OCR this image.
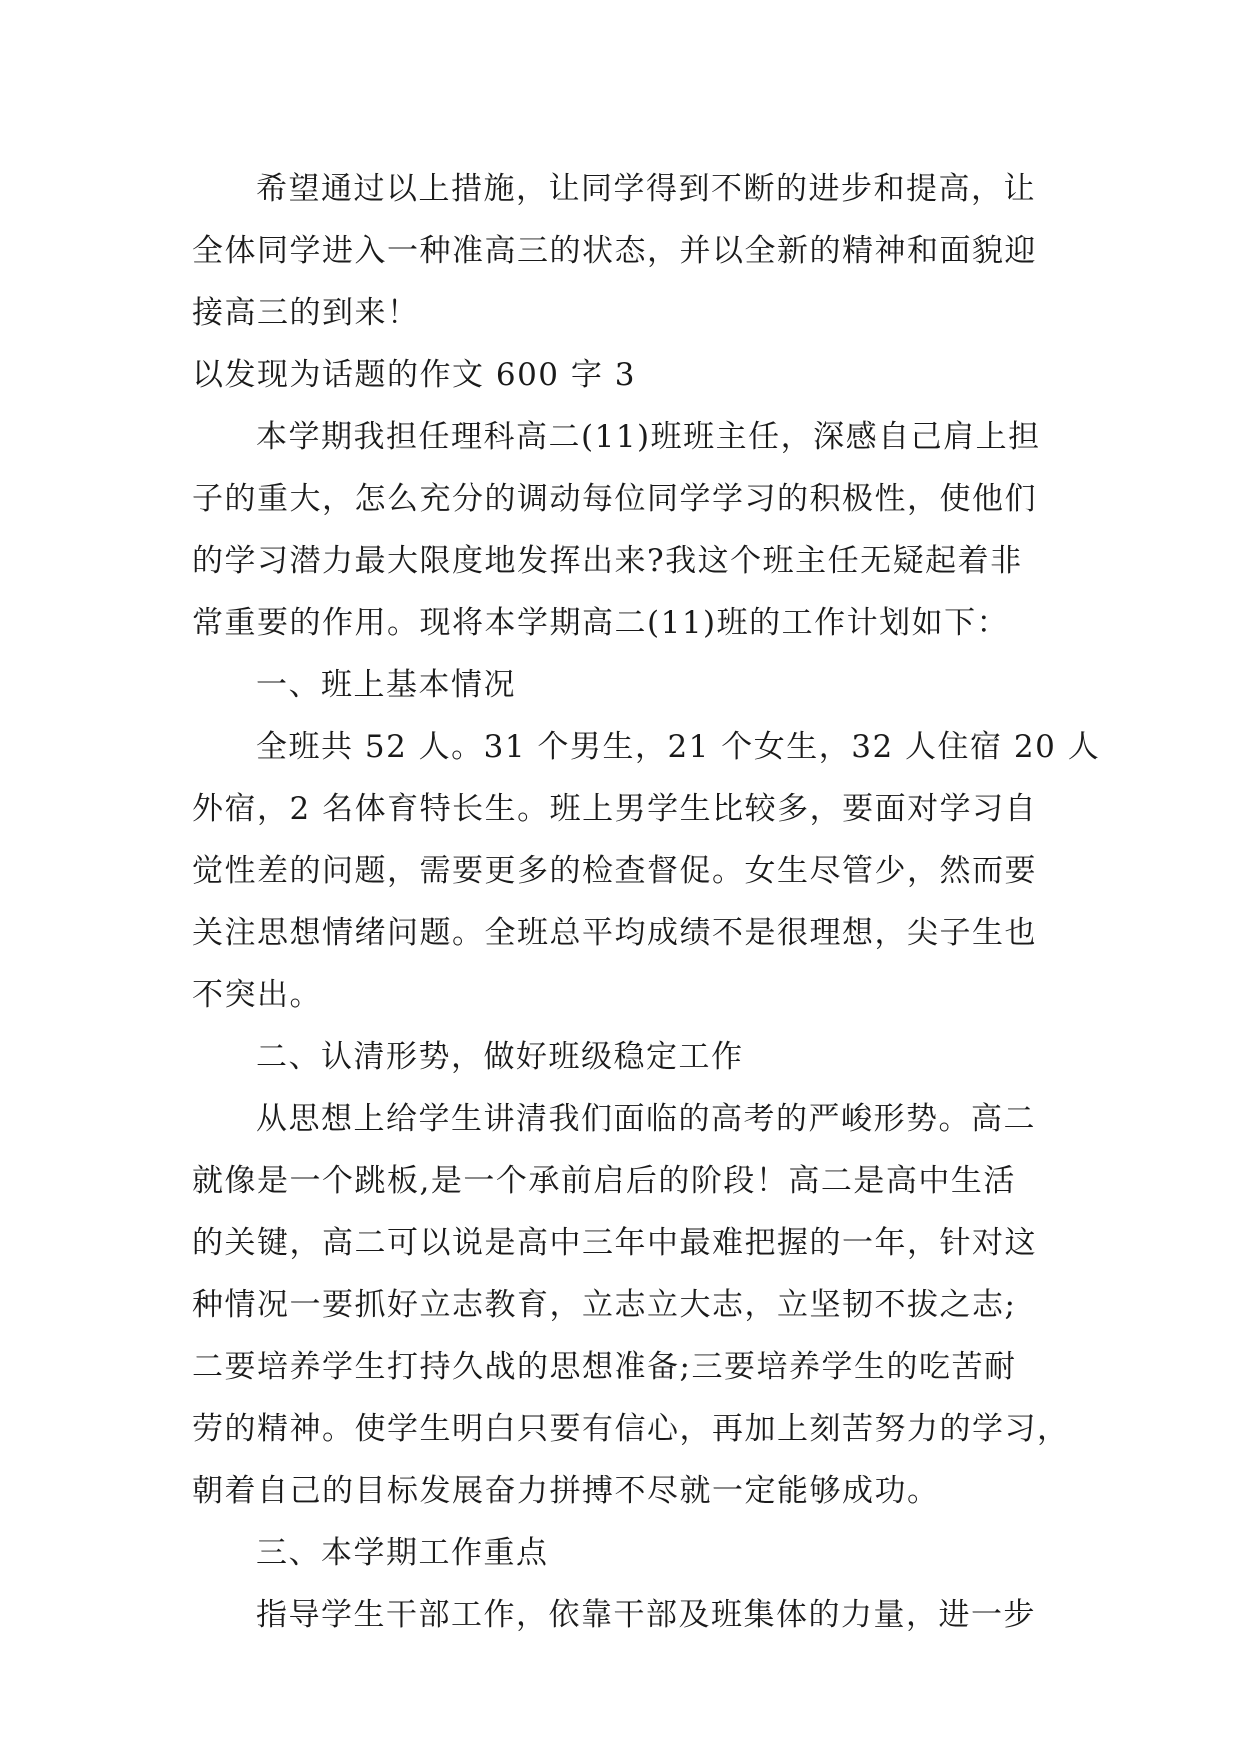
希望通过以上措施，让同学得到不断的进步和提高，让
全体同学进入一种准高三的状态，并以全新的精神和面貌迎
接高三的到来！
以发现为话题的作文 600 字 3
本学期我担任理科高二(11)班班主任，深感自己肩上担
子的重大，怎么充分的调动每位同学学习的积极性，使他们
的学习潜力最大限度地发挥出来?我这个班主任无疑起着非
常重要的作用。现将本学期高二(11)班的工作计划如下：
一、班上基本情况
全班共 52 人。31 个男生，21 个女生，32 人住宿 20 人
外宿，2 名体育特长生。班上男学生比较多，要面对学习自
觉性差的问题，需要更多的检查督促。女生尽管少，然而要
关注思想情绪问题。全班总平均成绩不是很理想，尖子生也
不突出。
二、认清形势，做好班级稳定工作
从思想上给学生讲清我们面临的高考的严峻形势。高二
就像是一个跳板,是一个承前启后的阶段！高二是高中生活
的关键，高二可以说是高中三年中最难把握的一年，针对这
种情况一要抓好立志教育，立志立大志，立坚韧不拔之志;
二要培养学生打持久战的思想准备;三要培养学生的吃苦耐
劳的精神。使学生明白只要有信心，再加上刻苦努力的学习，
朝着自己的目标发展奋力拼搏不尽就一定能够成功。
三、本学期工作重点
指导学生干部工作，依靠干部及班集体的力量，进一步
